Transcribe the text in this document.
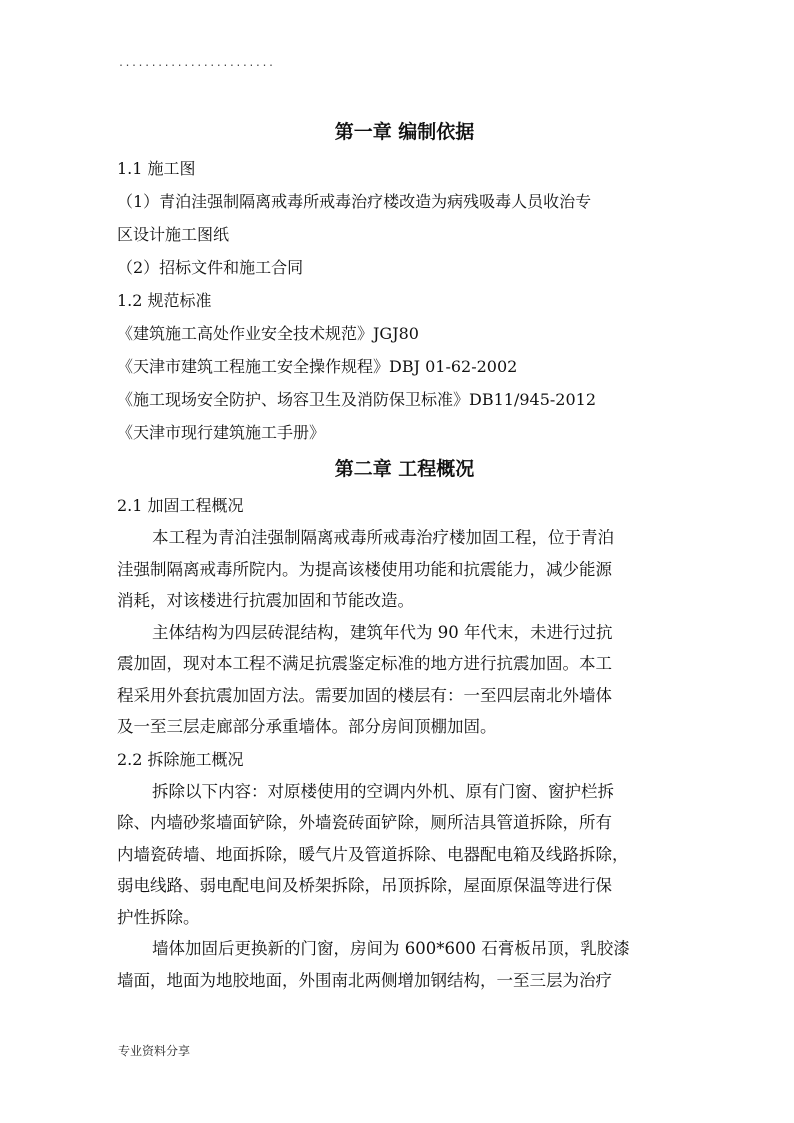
........................
第一章 编制依据
1.1 施工图
（1）青泊洼强制隔离戒毒所戒毒治疗楼改造为病残吸毒人员收治专
区设计施工图纸
（2）招标文件和施工合同
1.2 规范标准
《建筑施工高处作业安全技术规范》JGJ80
《天津市建筑工程施工安全操作规程》DBJ 01-62-2002
《施工现场安全防护、场容卫生及消防保卫标准》DB11/945-2012
《天津市现行建筑施工手册》
第二章 工程概况
2.1 加固工程概况
本工程为青泊洼强制隔离戒毒所戒毒治疗楼加固工程，位于青泊
洼强制隔离戒毒所院内。为提高该楼使用功能和抗震能力，减少能源
消耗，对该楼进行抗震加固和节能改造。
主体结构为四层砖混结构，建筑年代为 90 年代末，未进行过抗
震加固，现对本工程不满足抗震鉴定标准的地方进行抗震加固。本工
程采用外套抗震加固方法。需要加固的楼层有：一至四层南北外墙体
及一至三层走廊部分承重墙体。部分房间顶棚加固。
2.2 拆除施工概况
拆除以下内容：对原楼使用的空调内外机、原有门窗、窗护栏拆
除、内墙砂浆墙面铲除，外墙瓷砖面铲除，厕所洁具管道拆除，所有
内墙瓷砖墙、地面拆除，暖气片及管道拆除、电器配电箱及线路拆除，
弱电线路、弱电配电间及桥架拆除，吊顶拆除，屋面原保温等进行保
护性拆除。
墙体加固后更换新的门窗，房间为 600*600 石膏板吊顶，乳胶漆
墙面，地面为地胶地面，外围南北两侧增加钢结构，一至三层为治疗
专业资料分享
